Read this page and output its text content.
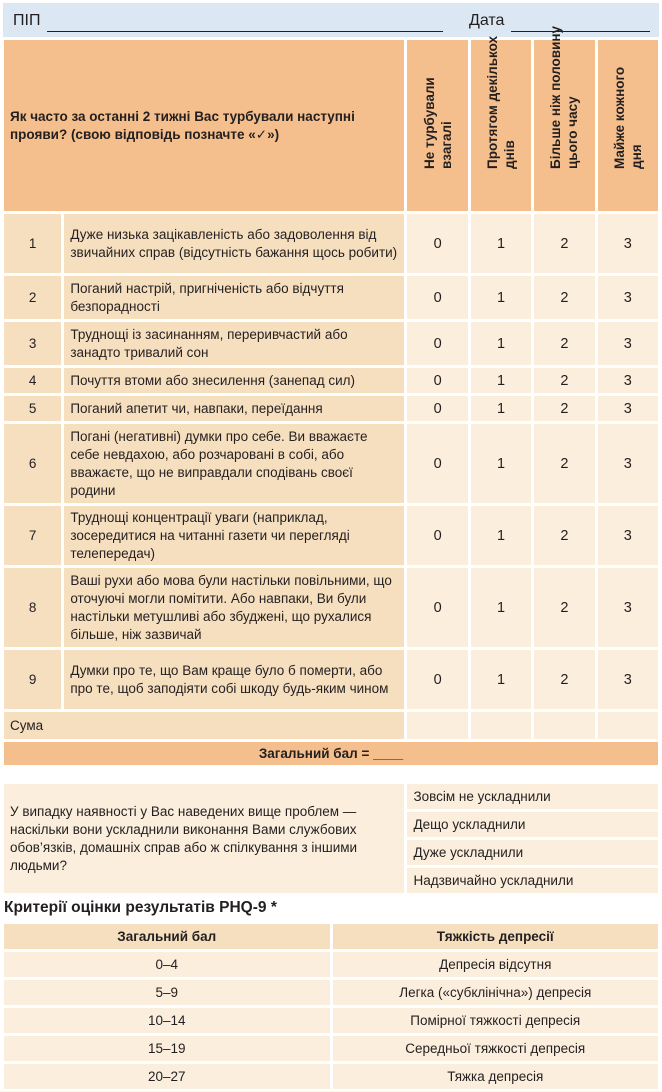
ПІП	Дата
Як часто за останні 2 тижні Вас турбували наступні прояви? (свою відповідь позначте «✓»)		Не турбували взагалі	Протягом декількох днів	Більше ніж половину цього часу	Майже кожного дня

1	Дуже низька зацікавленість або задоволення від звичайних справ (відсутність бажання щось робити)	0	1	2	3
2	Поганий настрій, пригніченість або відчуття безпорадності	0	1	2	3
3	Труднощі із засинанням, переривчастий або занадто тривалий сон	0	1	2	3
4	Почуття втоми або знесилення (занепад сил)	0	1	2	3
5	Поганий апетит чи, навпаки, переїдання	0	1	2	3
6	Погані (негативні) думки про себе. Ви вважаєте себе невдахою, або розчаровані в собі, або вважаєте, що не виправдали сподівань своєї родини	0	1	2	3
7	Труднощі концентрації уваги (наприклад, зосередитися на читанні газети чи перегляді телепередач)	0	1	2	3
8	Ваші рухи або мова були настільки повільними, що оточуючі могли помітити. Або навпаки, Ви були настільки метушливі або збуджені, що рухалися більше, ніж зазвичай	0	1	2	3
9	Думки про те, що Вам краще було б померти, або про те, щоб заподіяти собі шкоду будь-яким чином	0	1	2	3
Сума					
Загальний бал = ____					
У випадку наявності у Вас наведених вище проблем — наскільки вони ускладнили виконання Вами службових обов’язків, домашніх справ або ж спілкування з іншими людьми?	Зовсім не ускладнили
Дещо ускладнили
Дуже ускладнили
Надзвичайно ускладнили
Критерії оцінки результатів PHQ-9 *
Загальний бал	Тяжкість депресії
0–4	Депресія відсутня
5–9	Легка («субклінічна») депресія
10–14	Помірної тяжкості депресія
15–19	Середньої тяжкості депресія
20–27	Тяжка депресія
